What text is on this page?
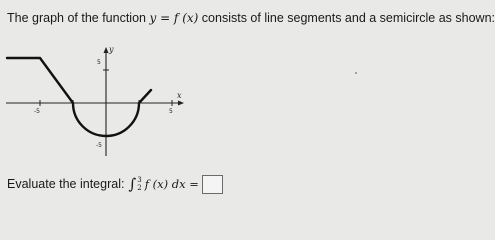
The graph of the function y = f (x) consists of line segments and a semicircle as shown:
y
5
x
-5	5
-5
Evaluate the integral: ∫ 3
2 f (x) dx =
